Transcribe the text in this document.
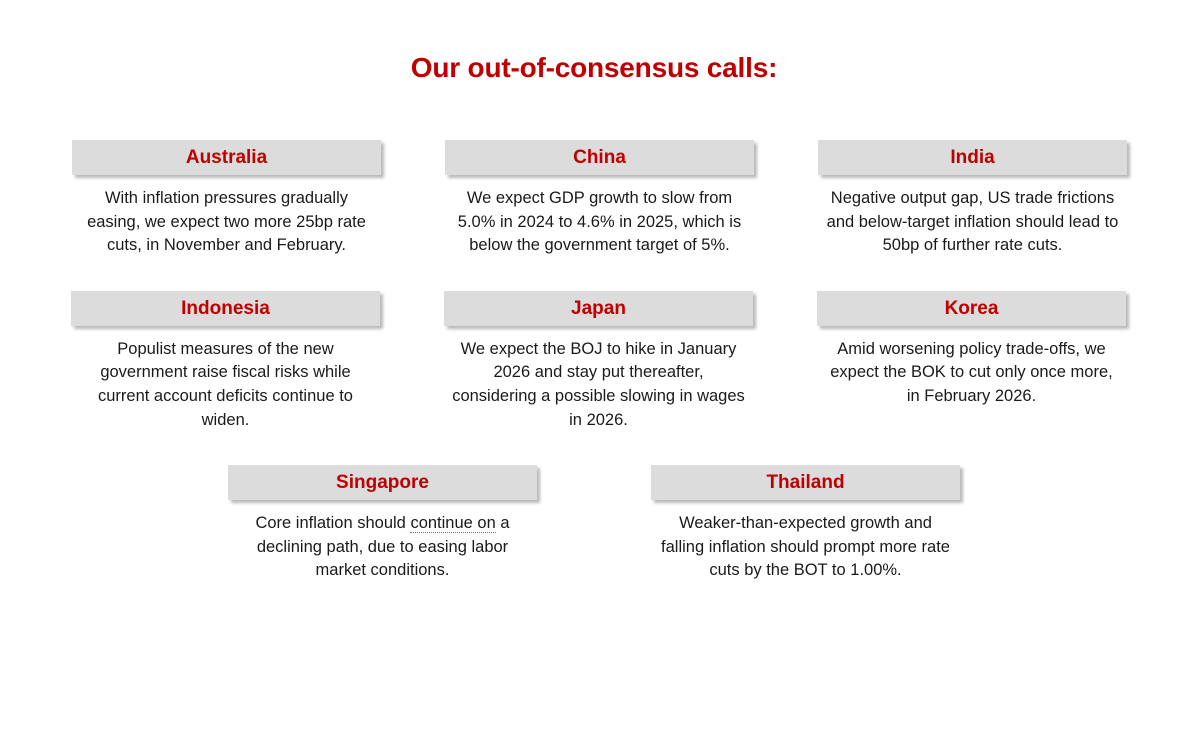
Our out-of-consensus calls:
Australia
With inflation pressures gradually easing, we expect two more 25bp rate cuts, in November and February.
China
We expect GDP growth to slow from 5.0% in 2024 to 4.6% in 2025, which is below the government target of 5%.
India
Negative output gap, US trade frictions and below-target inflation should lead to 50bp of further rate cuts.
Indonesia
Populist measures of the new government raise fiscal risks while current account deficits continue to widen.
Japan
We expect the BOJ to hike in January 2026 and stay put thereafter, considering a possible slowing in wages in 2026.
Korea
Amid worsening policy trade-offs, we expect the BOK to cut only once more, in February 2026.
Singapore
Core inflation should continue on a declining path, due to easing labor market conditions.
Thailand
Weaker-than-expected growth and falling inflation should prompt more rate cuts by the BOT to 1.00%.
